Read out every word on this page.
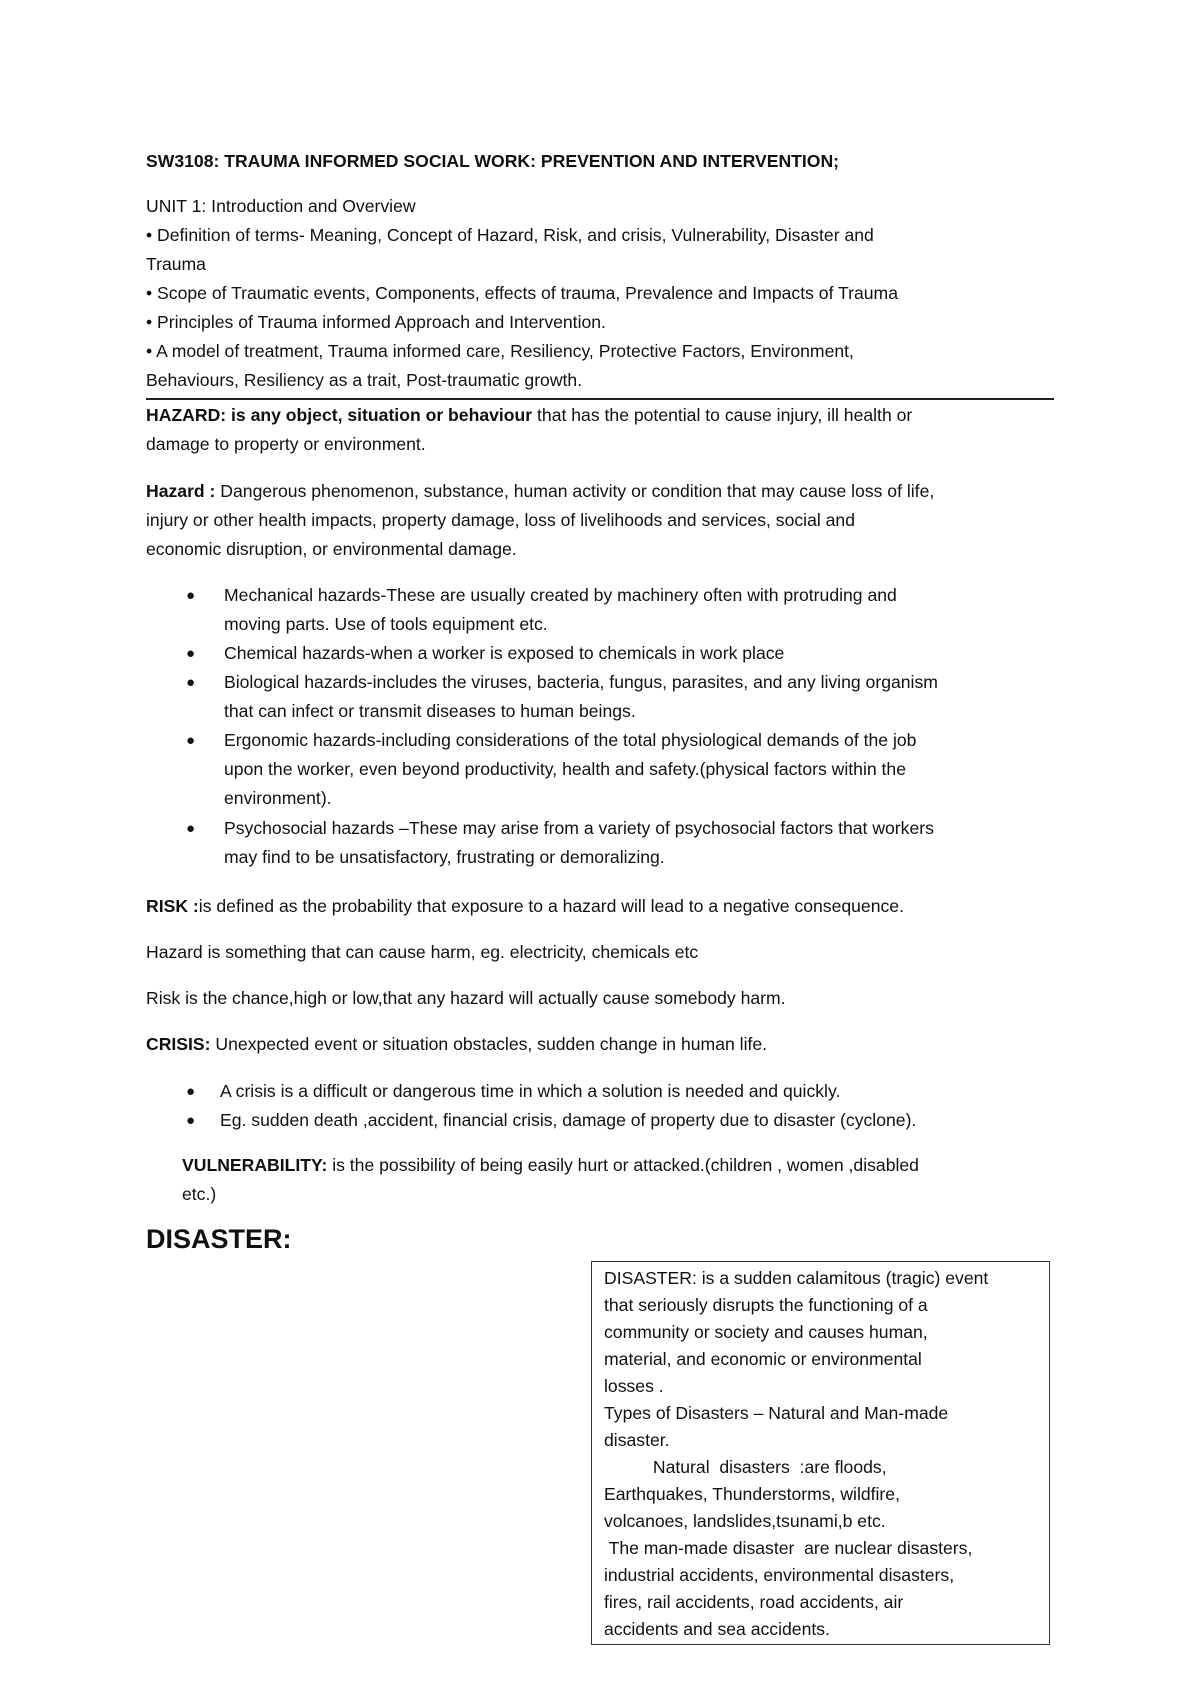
SW3108: TRAUMA INFORMED SOCIAL WORK: PREVENTION AND INTERVENTION;
UNIT 1: Introduction and Overview
• Definition of terms- Meaning, Concept of Hazard, Risk, and crisis, Vulnerability, Disaster and
Trauma
• Scope of Traumatic events, Components, effects of trauma, Prevalence and Impacts of Trauma
• Principles of Trauma informed Approach and Intervention.
• A model of treatment, Trauma informed care, Resiliency, Protective Factors, Environment,
Behaviours, Resiliency as a trait, Post-traumatic growth.
HAZARD: is any object, situation or behaviour that has the potential to cause injury, ill health or
damage to property or environment.
Hazard : Dangerous phenomenon, substance, human activity or condition that may cause loss of life,
injury or other health impacts, property damage, loss of livelihoods and services, social and
economic disruption, or environmental damage.
● Mechanical hazards-These are usually created by machinery often with protruding and
moving parts. Use of tools equipment etc.
● Chemical hazards-when a worker is exposed to chemicals in work place
● Biological hazards-includes the viruses, bacteria, fungus, parasites, and any living organism
that can infect or transmit diseases to human beings.
● Ergonomic hazards-including considerations of the total physiological demands of the job
upon the worker, even beyond productivity, health and safety.(physical factors within the
environment).
● Psychosocial hazards –These may arise from a variety of psychosocial factors that workers
may find to be unsatisfactory, frustrating or demoralizing.
RISK :is defined as the probability that exposure to a hazard will lead to a negative consequence.
Hazard is something that can cause harm, eg. electricity, chemicals etc
Risk is the chance,high or low,that any hazard will actually cause somebody harm.
CRISIS: Unexpected event or situation obstacles, sudden change in human life.
● A crisis is a difficult or dangerous time in which a solution is needed and quickly.
● Eg. sudden death ,accident, financial crisis, damage of property due to disaster (cyclone).
VULNERABILITY: is the possibility of being easily hurt or attacked.(children , women ,disabled
etc.)
DISASTER:
DISASTER: is a sudden calamitous (tragic) event
that seriously disrupts the functioning of a
community or society and causes human,
material, and economic or environmental
losses .
Types of Disasters – Natural and Man-made
disaster.
Natural  disasters  :are floods,
Earthquakes, Thunderstorms, wildfire,
volcanoes, landslides,tsunami,b etc.
The man-made disaster  are nuclear disasters,
industrial accidents, environmental disasters,
fires, rail accidents, road accidents, air
accidents and sea accidents.
